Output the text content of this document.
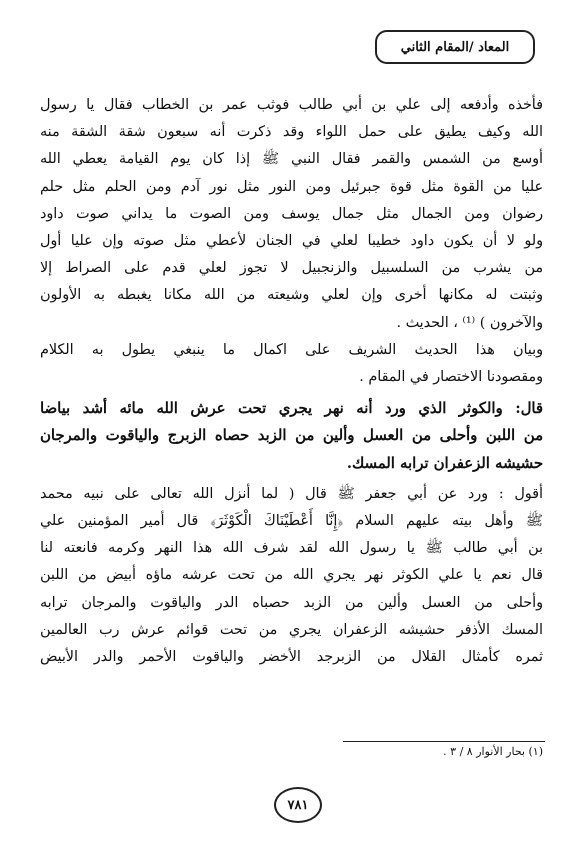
المعاد /المقام الثاني

فأخذه وأدفعه إلى علي بن أبي طالب فوثب عمر بن الخطاب فقال يا رسول
الله وكيف يطيق على حمل اللواء وقد ذكرت أنه سبعون شقة الشقة منه
أوسع من الشمس والقمر فقال النبي ﷺ إذا كان يوم القيامة يعطي الله
عليا من القوة مثل قوة جبرئيل ومن النور مثل نور آدم ومن الحلم مثل حلم
رضوان ومن الجمال مثل جمال يوسف ومن الصوت ما يداني صوت داود
ولو لا أن يكون داود خطيبا لعلي في الجنان لأعطي مثل صوته وإن عليا أول
من يشرب من السلسبيل والزنجبيل لا تجوز لعلي قدم على الصراط إلا
وثبتت له مكانها أخرى وإن لعلي وشيعته من الله مكانا يغبطه به الأولون
والآخرون ) ⁽¹⁾ ، الحديث .

وبيان هذا الحديث الشريف على اكمال ما ينبغي يطول به الكلام
ومقصودنا الاختصار في المقام .

قال: والكوثر الذي ورد أنه نهر يجري تحت عرش الله مائه أشد بياضا
من اللبن وأحلى من العسل وألين من الزبد حصاه الزبرج والياقوت والمرجان
حشيشه الزعفران ترابه المسك.

أقول : ورد عن أبي جعفر ﷺ قال ( لما أنزل الله تعالى على نبيه محمد
ﷺ وأهل بيته عليهم السلام ﴿إِنَّا أَعْطَيْنَاكَ الْكَوْثَرَ﴾ قال أمير المؤمنين علي
بن أبي طالب ﷺ يا رسول الله لقد شرف الله هذا النهر وكرمه فانعته لنا
قال نعم يا علي الكوثر نهر يجري الله من تحت عرشه ماؤه أبيض من اللبن
وأحلى من العسل وألين من الزبد حصباه الدر والياقوت والمرجان ترابه
المسك الأذفر حشيشه الزعفران يجري من تحت قوائم عرش رب العالمين
ثمره كأمثال القلال من الزبرجد الأخضر والياقوت الأحمر والدر الأبيض

(١) بحار الأنوار ٨ / ٣ .
٧٨١
